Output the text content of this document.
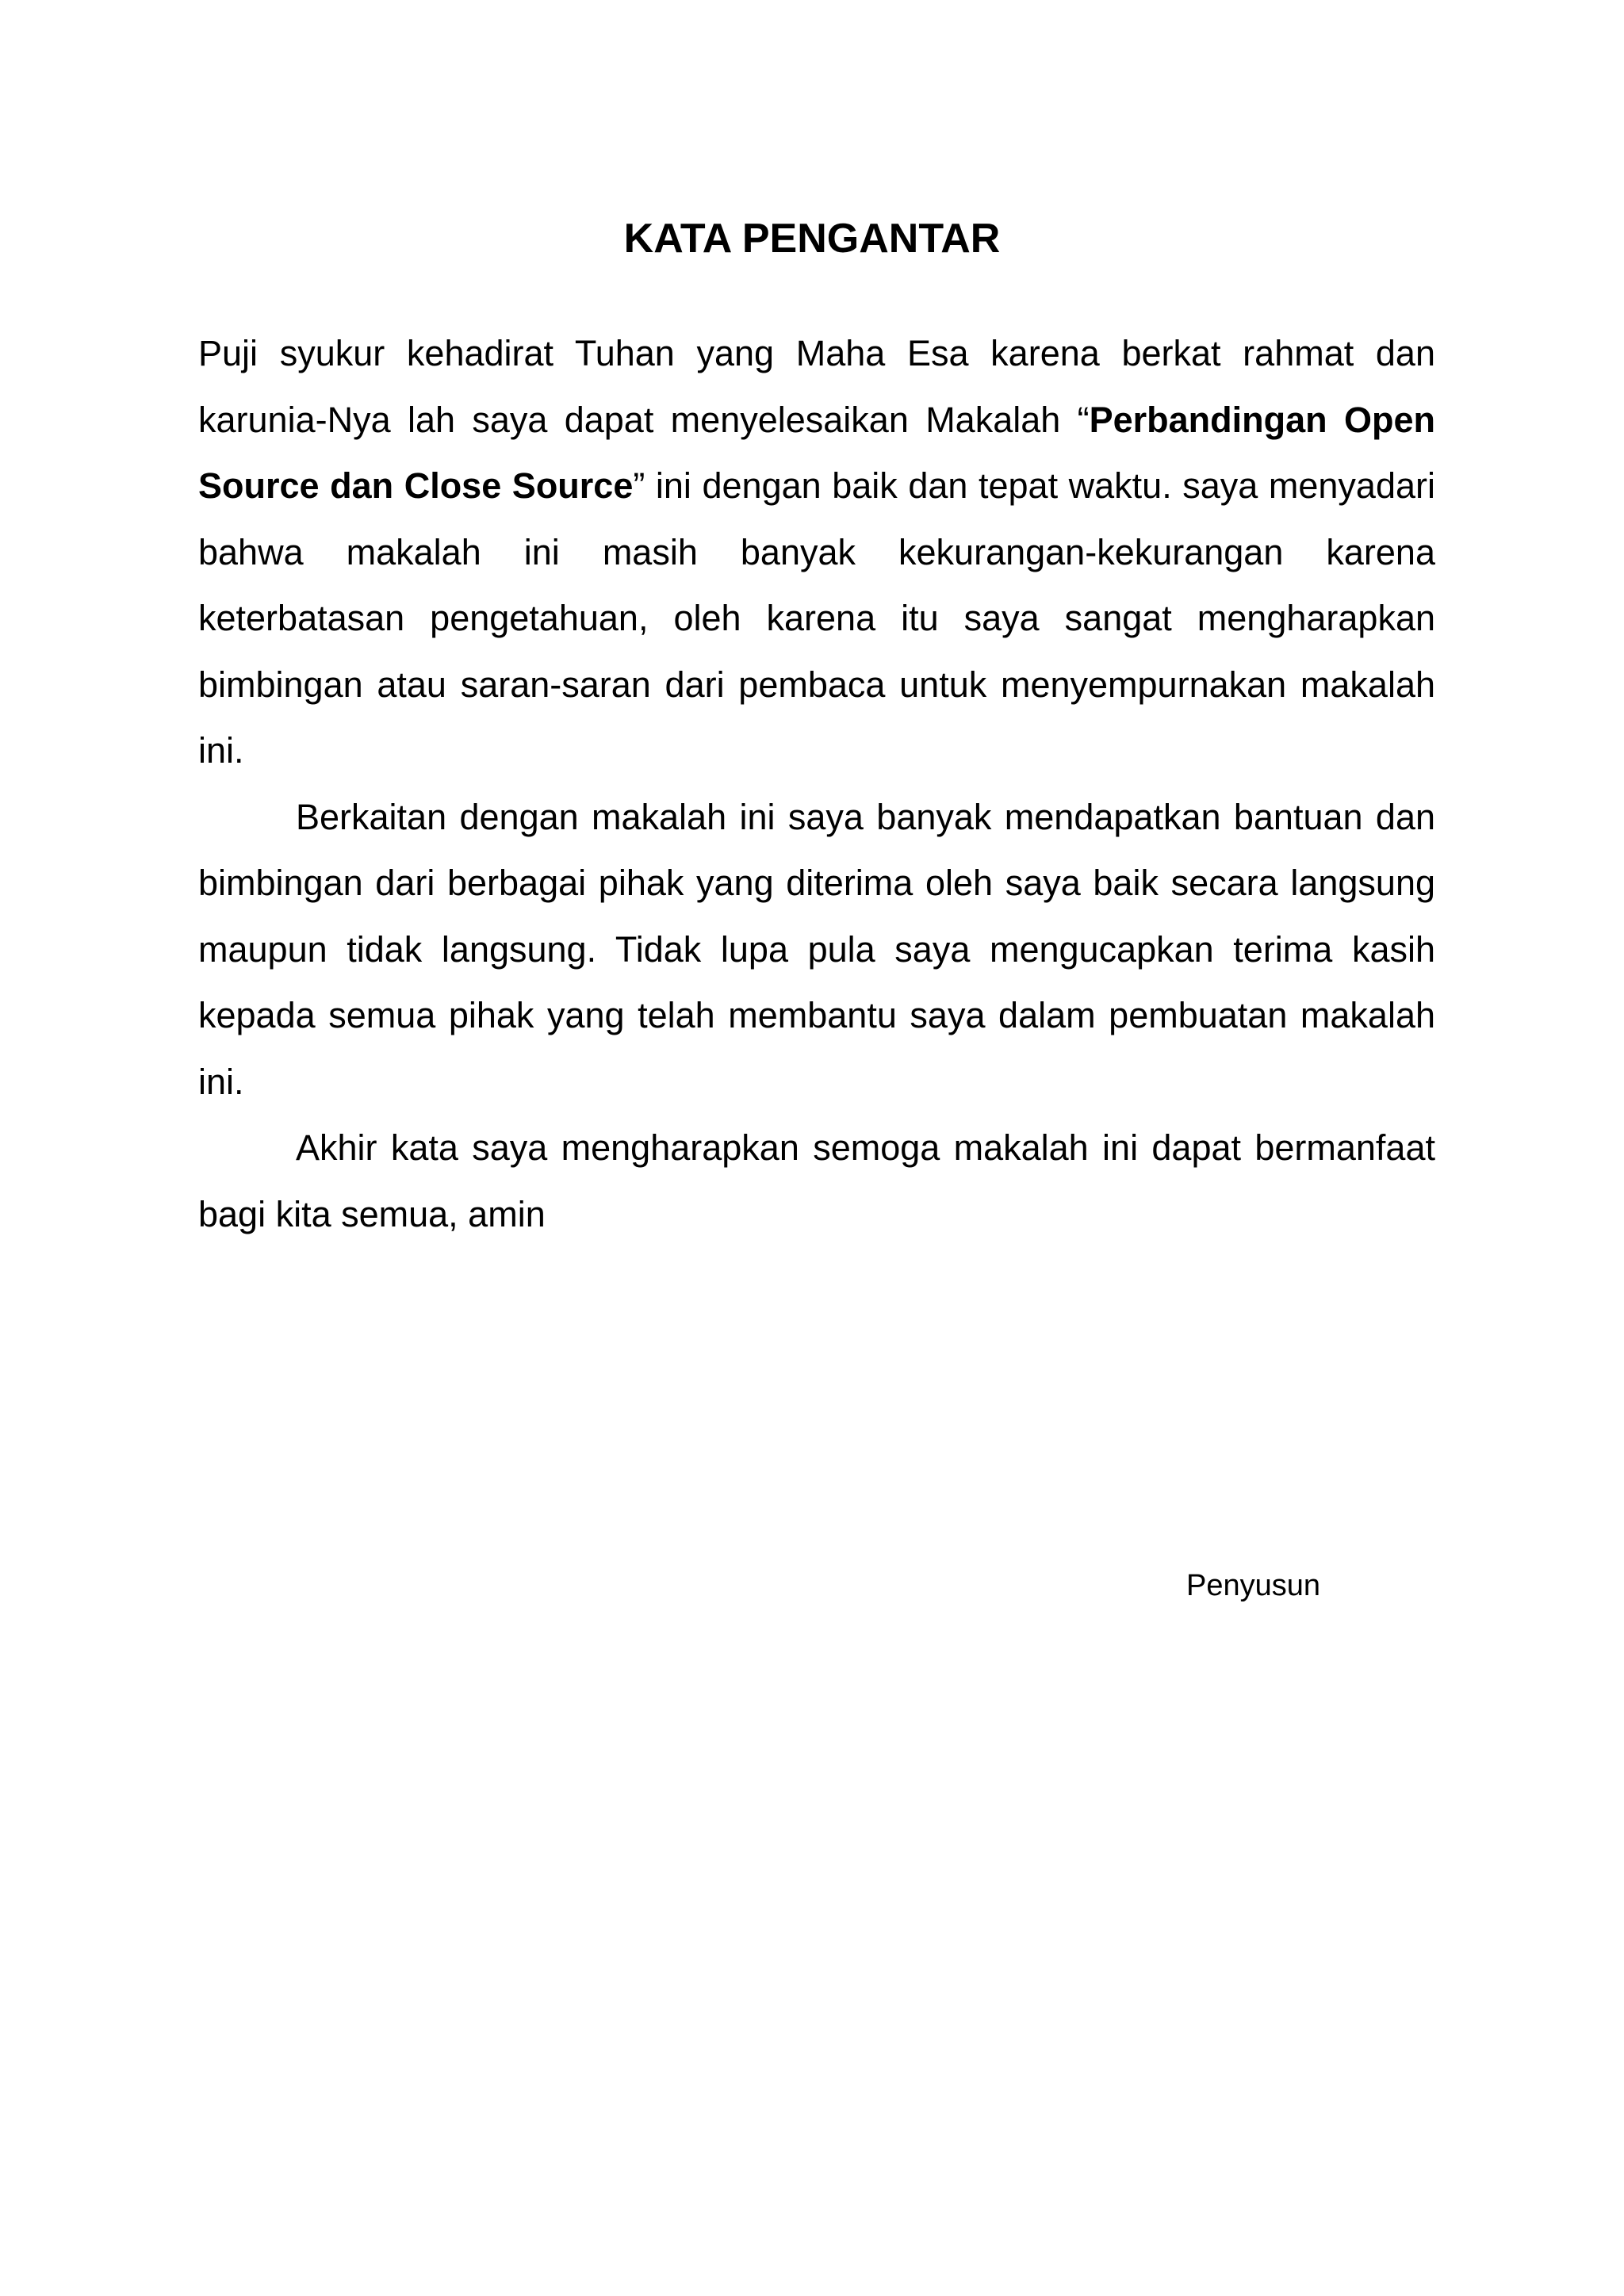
KATA PENGANTAR

Puji syukur kehadirat Tuhan yang Maha Esa karena berkat rahmat dan karunia-Nya lah saya dapat menyelesaikan Makalah “Perbandingan Open Source dan Close Source” ini dengan baik dan tepat waktu. saya menyadari bahwa makalah ini masih banyak kekurangan-kekurangan karena keterbatasan pengetahuan, oleh karena itu saya sangat mengharapkan bimbingan atau saran-saran dari pembaca untuk menyempurnakan makalah ini.

Berkaitan dengan makalah ini saya banyak mendapatkan bantuan dan bimbingan dari berbagai pihak yang diterima oleh saya baik secara langsung maupun tidak langsung. Tidak lupa pula saya mengucapkan terima kasih kepada semua pihak yang telah membantu saya dalam pembuatan makalah ini.

Akhir kata saya mengharapkan semoga makalah ini dapat bermanfaat bagi kita semua, amin

Penyusun
